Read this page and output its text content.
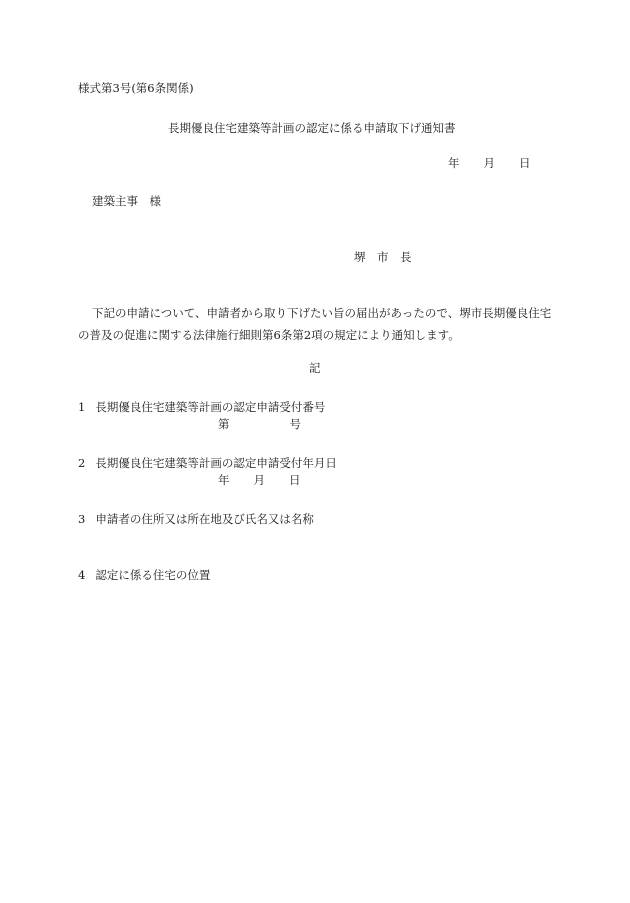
様式第3号(第6条関係)
長期優良住宅建築等計画の認定に係る申請取下げ通知書
年 月 日
建築主事　様
堺　市　長
下記の申請について、申請者から取り下げたい旨の届出があったので、堺市長期優良住宅の普及の促進に関する法律施行細則第6条第2項の規定により通知します。
記
1 長期優良住宅建築等計画の認定申請受付番号
第	号
2 長期優良住宅建築等計画の認定申請受付年月日
年 月 日
3 申請者の住所又は所在地及び氏名又は名称
4 認定に係る住宅の位置
